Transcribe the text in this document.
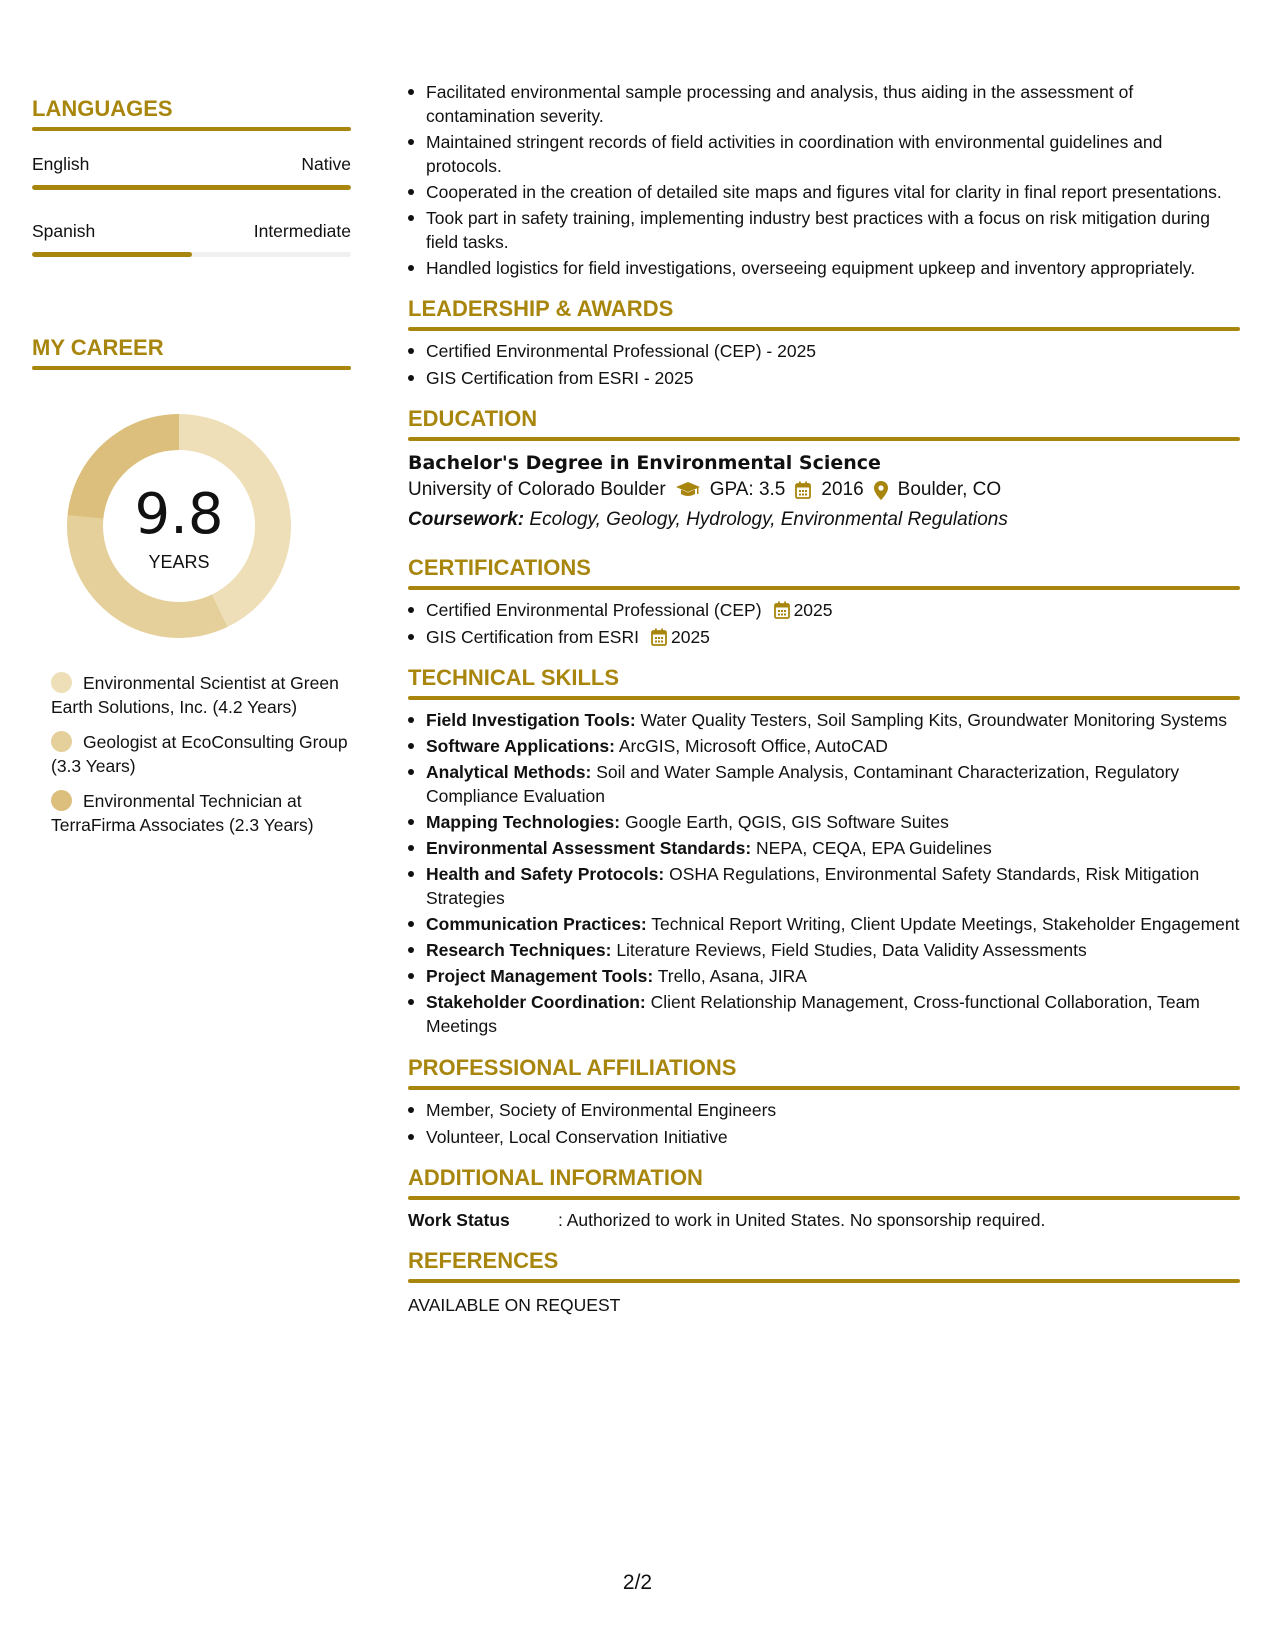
LANGUAGES
English	Native
Spanish	Intermediate
MY CAREER
9.8
YEARS
Environmental Scientist at Green Earth Solutions, Inc. (4.2 Years)
Geologist at EcoConsulting Group (3.3 Years)
Environmental Technician at TerraFirma Associates (2.3 Years)
Facilitated environmental sample processing and analysis, thus aiding in the assessment of contamination severity.
Maintained stringent records of field activities in coordination with environmental guidelines and protocols.
Cooperated in the creation of detailed site maps and figures vital for clarity in final report presentations.
Took part in safety training, implementing industry best practices with a focus on risk mitigation during field tasks.
Handled logistics for field investigations, overseeing equipment upkeep and inventory appropriately.
LEADERSHIP & AWARDS
Certified Environmental Professional (CEP) - 2025
GIS Certification from ESRI - 2025
EDUCATION
Bachelor's Degree in Environmental Science
University of Colorado Boulder GPA: 3.5 2016 Boulder, CO
Coursework: Ecology, Geology, Hydrology, Environmental Regulations
CERTIFICATIONS
Certified Environmental Professional (CEP) 2025
GIS Certification from ESRI 2025
TECHNICAL SKILLS
Field Investigation Tools: Water Quality Testers, Soil Sampling Kits, Groundwater Monitoring Systems
Software Applications: ArcGIS, Microsoft Office, AutoCAD
Analytical Methods: Soil and Water Sample Analysis, Contaminant Characterization, Regulatory Compliance Evaluation
Mapping Technologies: Google Earth, QGIS, GIS Software Suites
Environmental Assessment Standards: NEPA, CEQA, EPA Guidelines
Health and Safety Protocols: OSHA Regulations, Environmental Safety Standards, Risk Mitigation Strategies
Communication Practices: Technical Report Writing, Client Update Meetings, Stakeholder Engagement
Research Techniques: Literature Reviews, Field Studies, Data Validity Assessments
Project Management Tools: Trello, Asana, JIRA
Stakeholder Coordination: Client Relationship Management, Cross-functional Collaboration, Team Meetings
PROFESSIONAL AFFILIATIONS
Member, Society of Environmental Engineers
Volunteer, Local Conservation Initiative
ADDITIONAL INFORMATION
Work Status	: Authorized to work in United States. No sponsorship required.
REFERENCES
AVAILABLE ON REQUEST
2/2
